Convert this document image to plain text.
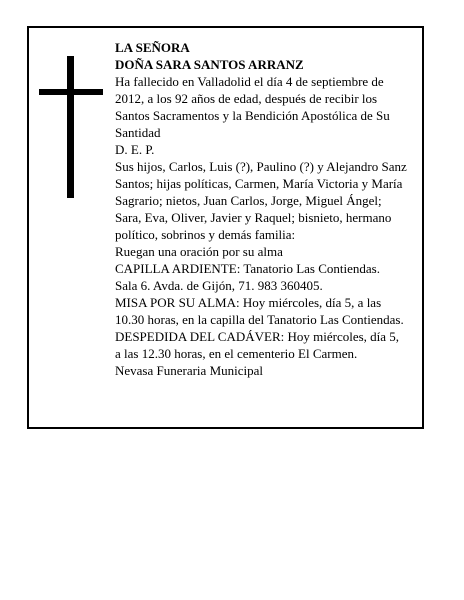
LA SEÑORA
DOÑA SARA SANTOS ARRANZ
Ha fallecido en Valladolid el día 4 de septiembre de
2012, a los 92 años de edad, después de recibir los
Santos Sacramentos y la Bendición Apostólica de Su
Santidad
D. E. P.
Sus hijos, Carlos, Luis (?), Paulino (?) y Alejandro Sanz
Santos; hijas políticas, Carmen, María Victoria y María
Sagrario; nietos, Juan Carlos, Jorge, Miguel Ángel;
Sara, Eva, Oliver, Javier y Raquel; bisnieto, hermano
político, sobrinos y demás familia:
Ruegan una oración por su alma
CAPILLA ARDIENTE: Tanatorio Las Contiendas.
Sala 6. Avda. de Gijón, 71. 983 360405.
MISA POR SU ALMA: Hoy miércoles, día 5, a las
10.30 horas, en la capilla del Tanatorio Las Contiendas.
DESPEDIDA DEL CADÁVER: Hoy miércoles, día 5,
a las 12.30 horas, en el cementerio El Carmen.
Nevasa Funeraria Municipal
